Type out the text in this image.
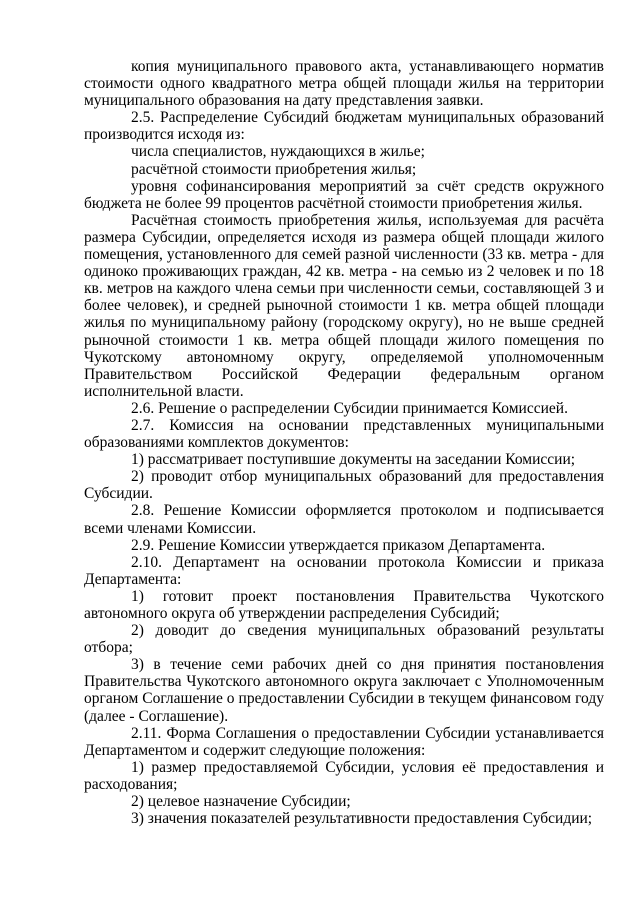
копия муниципального правового акта, устанавливающего норматив стоимости одного квадратного метра общей площади жилья на территории муниципального образования на дату представления заявки.

2.5. Распределение Субсидий бюджетам муниципальных образований производится исходя из:

числа специалистов, нуждающихся в жилье;

расчётной стоимости приобретения жилья;

уровня софинансирования мероприятий за счёт средств окружного бюджета не более 99 процентов расчётной стоимости приобретения жилья.

Расчётная стоимость приобретения жилья, используемая для расчёта размера Субсидии, определяется исходя из размера общей площади жилого помещения, установленного для семей разной численности (33 кв. метра - для одиноко проживающих граждан, 42 кв. метра - на семью из 2 человек и по 18 кв. метров на каждого члена семьи при численности семьи, составляющей 3 и более человек), и средней рыночной стоимости 1 кв. метра общей площади жилья по муниципальному району (городскому округу), но не выше средней рыночной стоимости 1 кв. метра общей площади жилого помещения по Чукотскому автономному округу, определяемой уполномоченным Правительством Российской Федерации федеральным органом исполнительной власти.

2.6. Решение о распределении Субсидии принимается Комиссией.

2.7. Комиссия на основании представленных муниципальными образованиями комплектов документов:

1) рассматривает поступившие документы на заседании Комиссии;

2) проводит отбор муниципальных образований для предоставления Субсидии.

2.8. Решение Комиссии оформляется протоколом и подписывается всеми членами Комиссии.

2.9. Решение Комиссии утверждается приказом Департамента.

2.10. Департамент на основании протокола Комиссии и приказа Департамента:

1) готовит проект постановления Правительства Чукотского автономного округа об утверждении распределения Субсидий;

2) доводит до сведения муниципальных образований результаты отбора;

3) в течение семи рабочих дней со дня принятия постановления Правительства Чукотского автономного округа заключает с Уполномоченным органом Соглашение о предоставлении Субсидии в текущем финансовом году (далее - Соглашение).

2.11. Форма Соглашения о предоставлении Субсидии устанавливается Департаментом и содержит следующие положения:

1) размер предоставляемой Субсидии, условия её предоставления и расходования;

2) целевое назначение Субсидии;

3) значения показателей результативности предоставления Субсидии;
